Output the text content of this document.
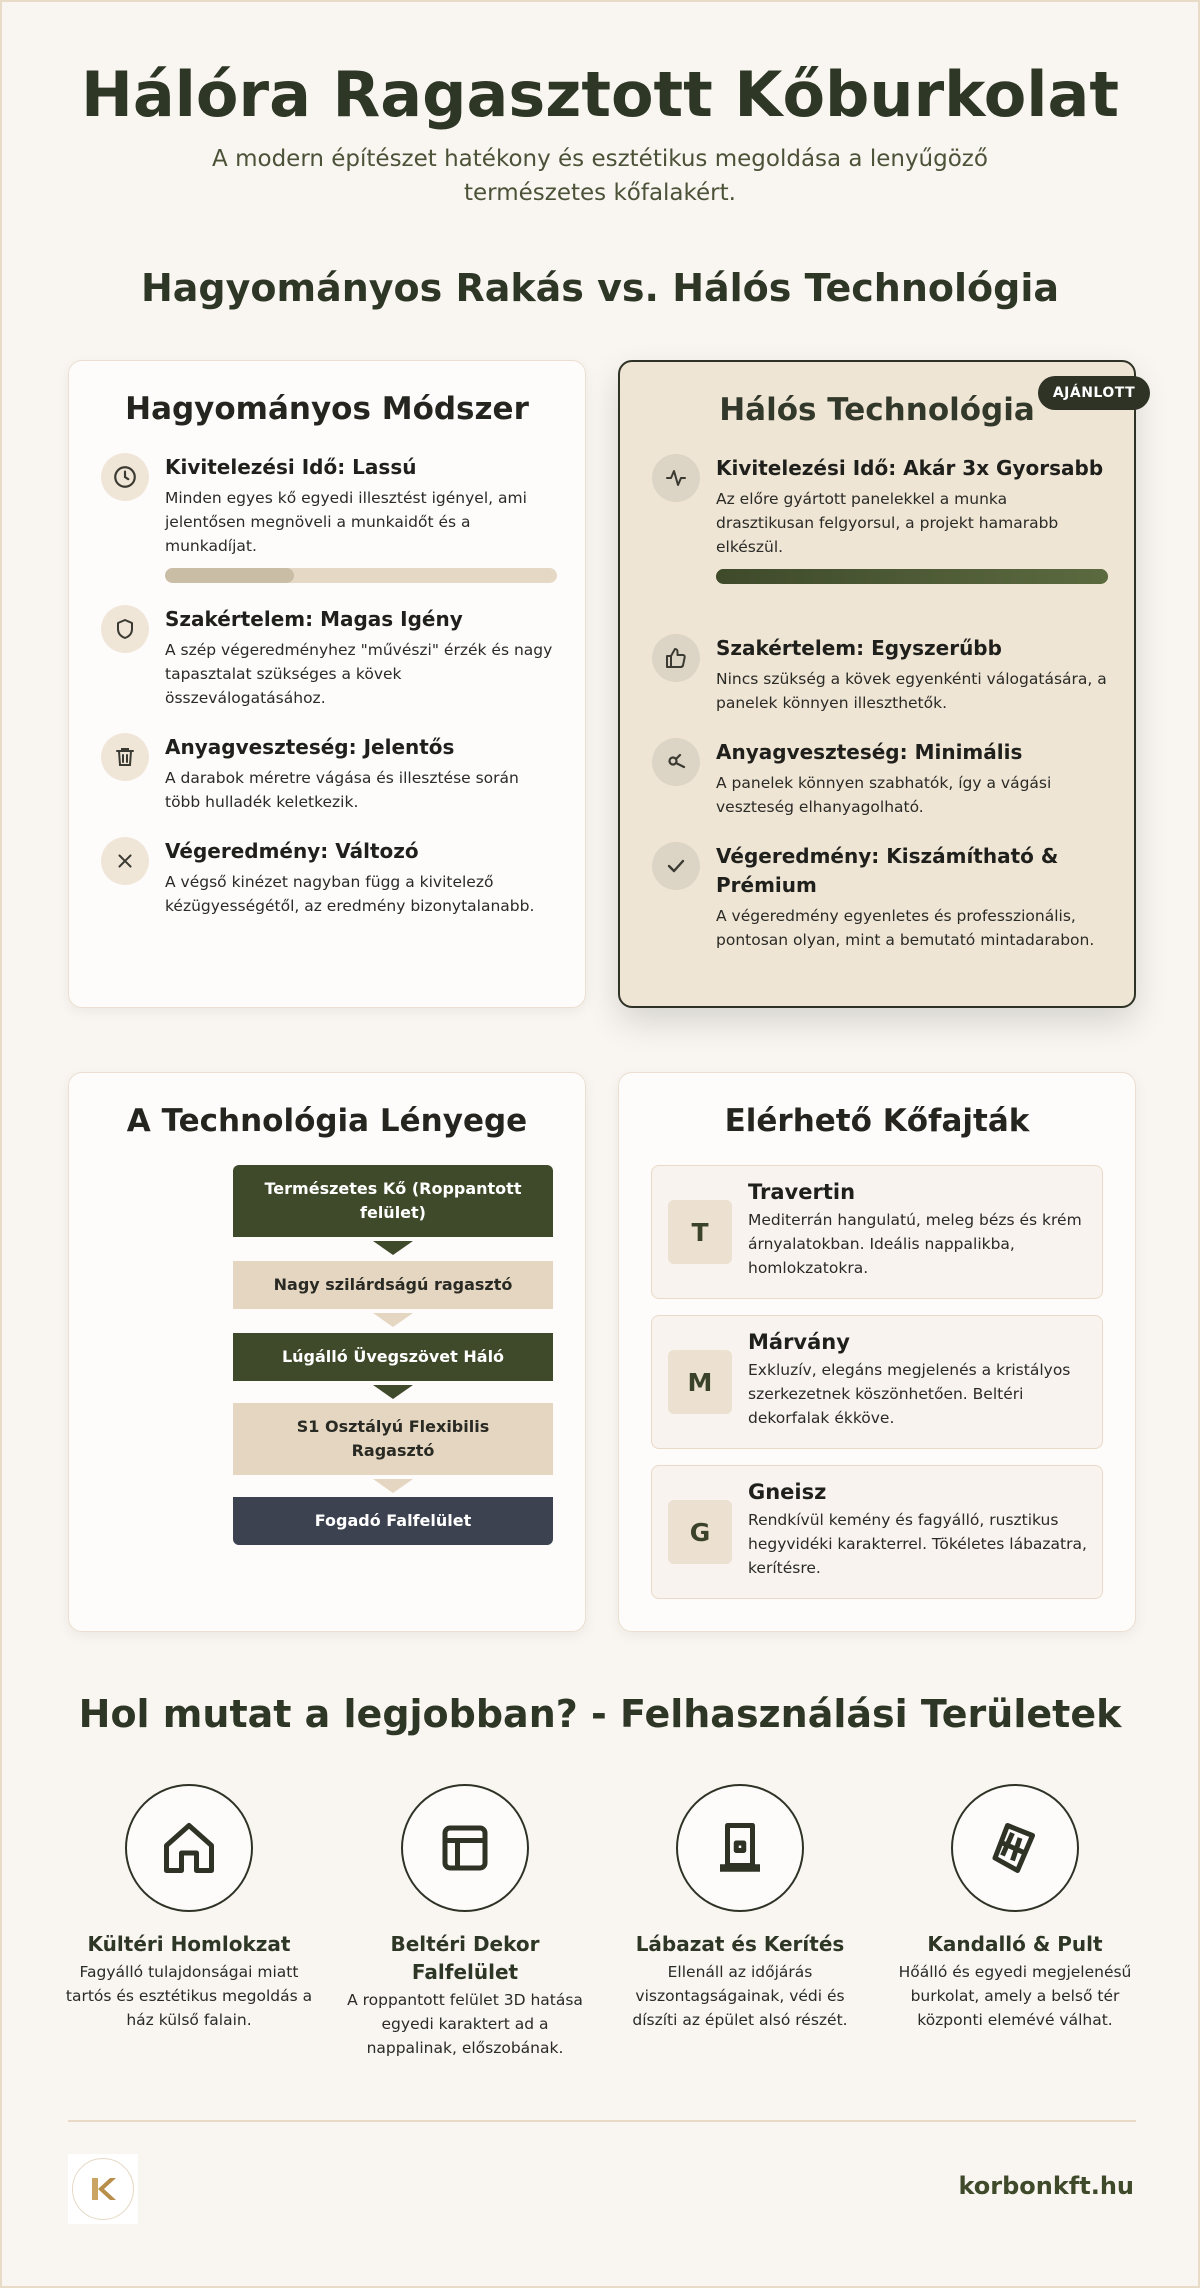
Hálóra Ragasztott Kőburkolat

A modern építészet hatékony és esztétikus megoldása a lenyűgöző természetes kőfalakért.

Hagyományos Rakás vs. Hálós Technológia
Hagyományos Módszer
Kivitelezési Idő: Lassú

Minden egyes kő egyedi illesztést igényel, ami jelentősen megnöveli a munkaidőt és a munkadíjat.

Szakértelem: Magas Igény

A szép végeredményhez "művészi" érzék és nagy tapasztalat szükséges a kövek összeválogatásához.

Anyagveszteség: Jelentős

A darabok méretre vágása és illesztése során több hulladék keletkezik.

Végeredmény: Változó

A végső kinézet nagyban függ a kivitelező kézügyességétől, az eredmény bizonytalanabb.

Hálós Technológia
Kivitelezési Idő: Akár 3x Gyorsabb

Az előre gyártott panelekkel a munka drasztikusan felgyorsul, a projekt hamarabb elkészül.

Szakértelem: Egyszerűbb

Nincs szükség a kövek egyenkénti válogatására, a panelek könnyen illeszthetők.

Anyagveszteség: Minimális

A panelek könnyen szabhatók, így a vágási veszteség elhanyagolható.

Végeredmény: Kiszámítható & Prémium

A végeredmény egyenletes és professzionális, pontosan olyan, mint a bemutató mintadarabon.

AJÁNLOTT
A Technológia Lényege
Természetes Kő (Roppantott felület)
Nagy szilárdságú ragasztó
Lúgálló Üvegszövet Háló
S1 Osztályú Flexibilis Ragasztó
Fogadó Falfelület
Elérhető Kőfajták
T
Travertin

Mediterrán hangulatú, meleg bézs és krém árnyalatokban. Ideális nappalikba, homlokzatokra.

M
Márvány

Exkluzív, elegáns megjelenés a kristályos szerkezetnek köszönhetően. Beltéri dekorfalak ékköve.

G
Gneisz

Rendkívül kemény és fagyálló, rusztikus hegyvidéki karakterrel. Tökéletes lábazatra, kerítésre.

Hol mutat a legjobban? - Felhasználási Területek
Kültéri Homlokzat

Fagyálló tulajdonságai miatt tartós és esztétikus megoldás a ház külső falain.

Beltéri Dekor Falfelület

A roppantott felület 3D hatása egyedi karaktert ad a nappalinak, előszobának.

Lábazat és Kerítés

Ellenáll az időjárás viszontagságainak, védi és díszíti az épület alsó részét.

Kandalló & Pult

Hőálló és egyedi megjelenésű burkolat, amely a belső tér központi elemévé válhat.

korbonkft.hu
